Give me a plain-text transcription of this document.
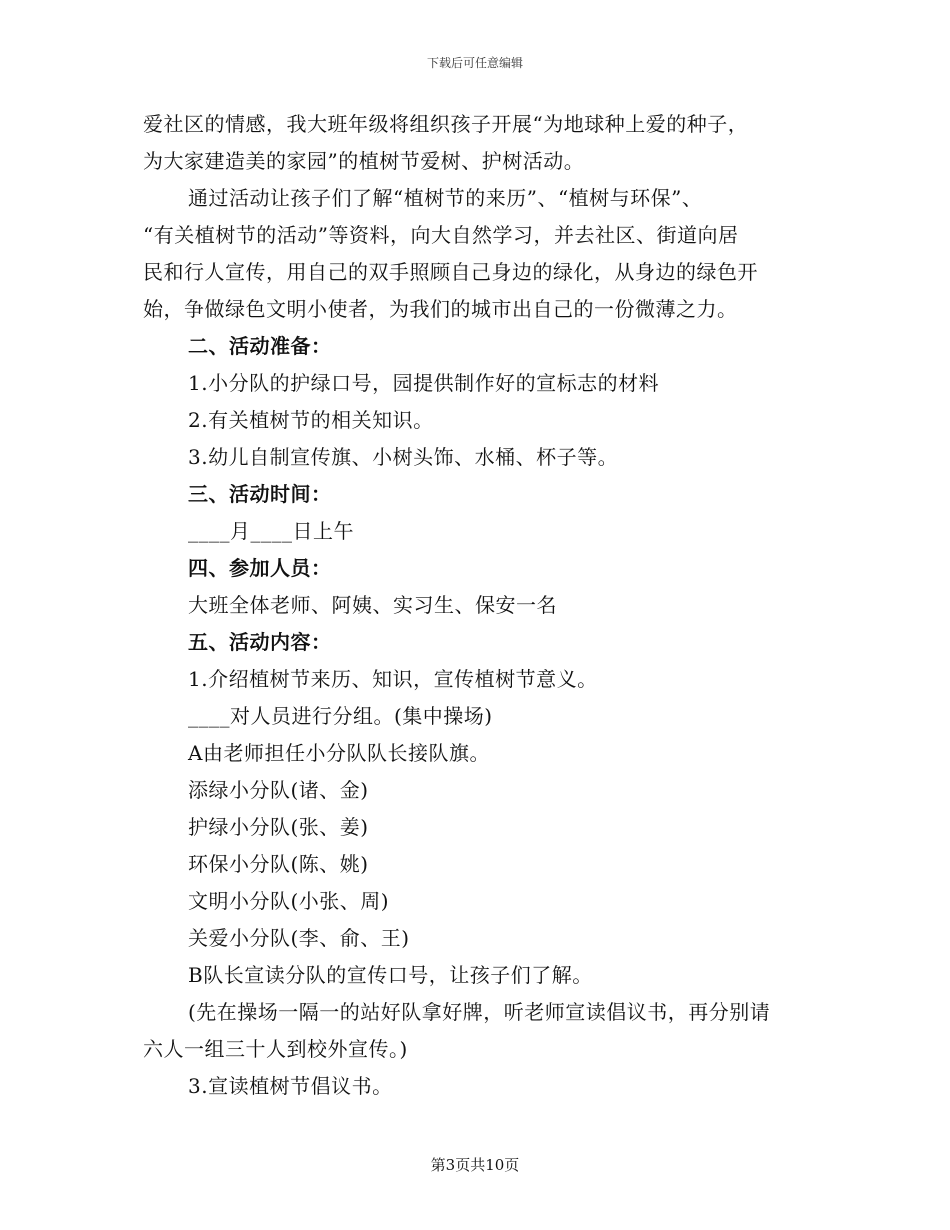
下载后可任意编辑
爱社区的情感，我大班年级将组织孩子开展“为地球种上爱的种子，
为大家建造美的家园”的植树节爱树、护树活动。
通过活动让孩子们了解“植树节的来历”、“植树与环保”、
“有关植树节的活动”等资料，向大自然学习，并去社区、街道向居
民和行人宣传，用自己的双手照顾自己身边的绿化，从身边的绿色开
始，争做绿色文明小使者，为我们的城市出自己的一份微薄之力。
二、活动准备：
1.小分队的护绿口号，园提供制作好的宣标志的材料
2.有关植树节的相关知识。
3.幼儿自制宣传旗、小树头饰、水桶、杯子等。
三、活动时间：
____月____日上午
四、参加人员：
大班全体老师、阿姨、实习生、保安一名
五、活动内容：
1.介绍植树节来历、知识，宣传植树节意义。
____对人员进行分组。(集中操场)
A由老师担任小分队队长接队旗。
添绿小分队(诸、金)
护绿小分队(张、姜)
环保小分队(陈、姚)
文明小分队(小张、周)
关爱小分队(李、俞、王)
B队长宣读分队的宣传口号，让孩子们了解。
(先在操场一隔一的站好队拿好牌，听老师宣读倡议书，再分别请
六人一组三十人到校外宣传。)
3.宣读植树节倡议书。
第3页共10页
